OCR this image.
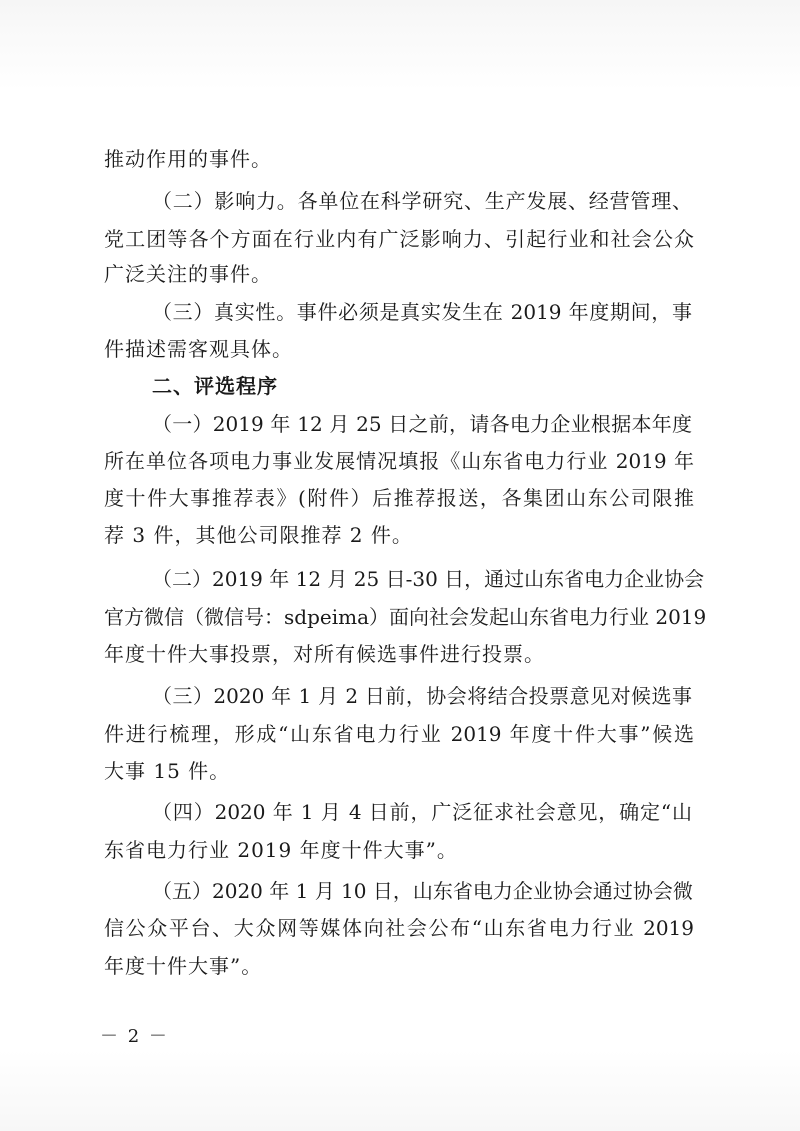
推动作用的事件。
（二）影响力。各单位在科学研究、生产发展、经营管理、
党工团等各个方面在行业内有广泛影响力、引起行业和社会公众
广泛关注的事件。
（三）真实性。事件必须是真实发生在 2019 年度期间，事
件描述需客观具体。
二、评选程序
（一）2019 年 12 月 25 日之前，请各电力企业根据本年度
所在单位各项电力事业发展情况填报《山东省电力行业 2019 年
度十件大事推荐表》(附件）后推荐报送，各集团山东公司限推
荐 3 件，其他公司限推荐 2 件。
（二）2019 年 12 月 25 日-30 日，通过山东省电力企业协会
官方微信（微信号：sdpeima）面向社会发起山东省电力行业 2019
年度十件大事投票，对所有候选事件进行投票。
（三）2020 年 1 月 2 日前，协会将结合投票意见对候选事
件进行梳理，形成“山东省电力行业 2019 年度十件大事”候选
大事 15 件。
（四）2020 年 1 月 4 日前，广泛征求社会意见，确定“山
东省电力行业 2019 年度十件大事”。
（五）2020 年 1 月 10 日，山东省电力企业协会通过协会微
信公众平台、大众网等媒体向社会公布“山东省电力行业 2019
年度十件大事”。
－ 2 －
